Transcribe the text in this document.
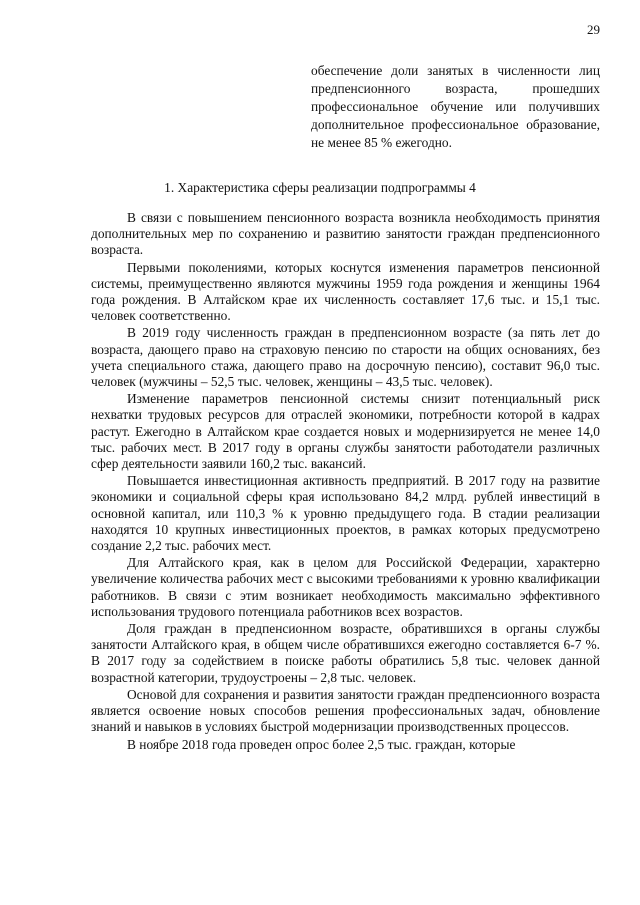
29
обеспечение доли занятых в численности лиц предпенсионного возраста, прошедших профессиональное обучение или получивших дополнительное профессиональное образование, не менее 85 % ежегодно.
1. Характеристика сферы реализации подпрограммы 4

В связи с повышением пенсионного возраста возникла необходимость принятия дополнительных мер по сохранению и развитию занятости граждан предпенсионного возраста.

Первыми поколениями, которых коснутся изменения параметров пенсионной системы, преимущественно являются мужчины 1959 года рождения и женщины 1964 года рождения. В Алтайском крае их численность составляет 17,6 тыс. и 15,1 тыс. человек соответственно.

В 2019 году численность граждан в предпенсионном возрасте (за пять лет до возраста, дающего право на страховую пенсию по старости на общих основаниях, без учета специального стажа, дающего право на досрочную пенсию), составит 96,0 тыс. человек (мужчины – 52,5 тыс. человек, женщины – 43,5 тыс. человек).

Изменение параметров пенсионной системы снизит потенциальный риск нехватки трудовых ресурсов для отраслей экономики, потребности которой в кадрах растут. Ежегодно в Алтайском крае создается новых и модернизируется не менее 14,0 тыс. рабочих мест. В 2017 году в органы службы занятости работодатели различных сфер деятельности заявили 160,2 тыс. вакансий.

Повышается инвестиционная активность предприятий. В 2017 году на развитие экономики и социальной сферы края использовано 84,2 млрд. рублей инвестиций в основной капитал, или 110,3 % к уровню предыдущего года. В стадии реализации находятся 10 крупных инвестиционных проектов, в рамках которых предусмотрено создание 2,2 тыс. рабочих мест.

Для Алтайского края, как в целом для Российской Федерации, характерно увеличение количества рабочих мест с высокими требованиями к уровню квалификации работников. В связи с этим возникает необходимость максимально эффективного использования трудового потенциала работников всех возрастов.

Доля граждан в предпенсионном возрасте, обратившихся в органы службы занятости Алтайского края, в общем числе обратившихся ежегодно составляется 6-7 %. В 2017 году за содействием в поиске работы обратились 5,8 тыс. человек данной возрастной категории, трудоустроены – 2,8 тыс. человек.

Основой для сохранения и развития занятости граждан предпенсионного возраста является освоение новых способов решения профессиональных задач, обновление знаний и навыков в условиях быстрой модернизации производственных процессов.

В ноябре 2018 года проведен опрос более 2,5 тыс. граждан, которые
